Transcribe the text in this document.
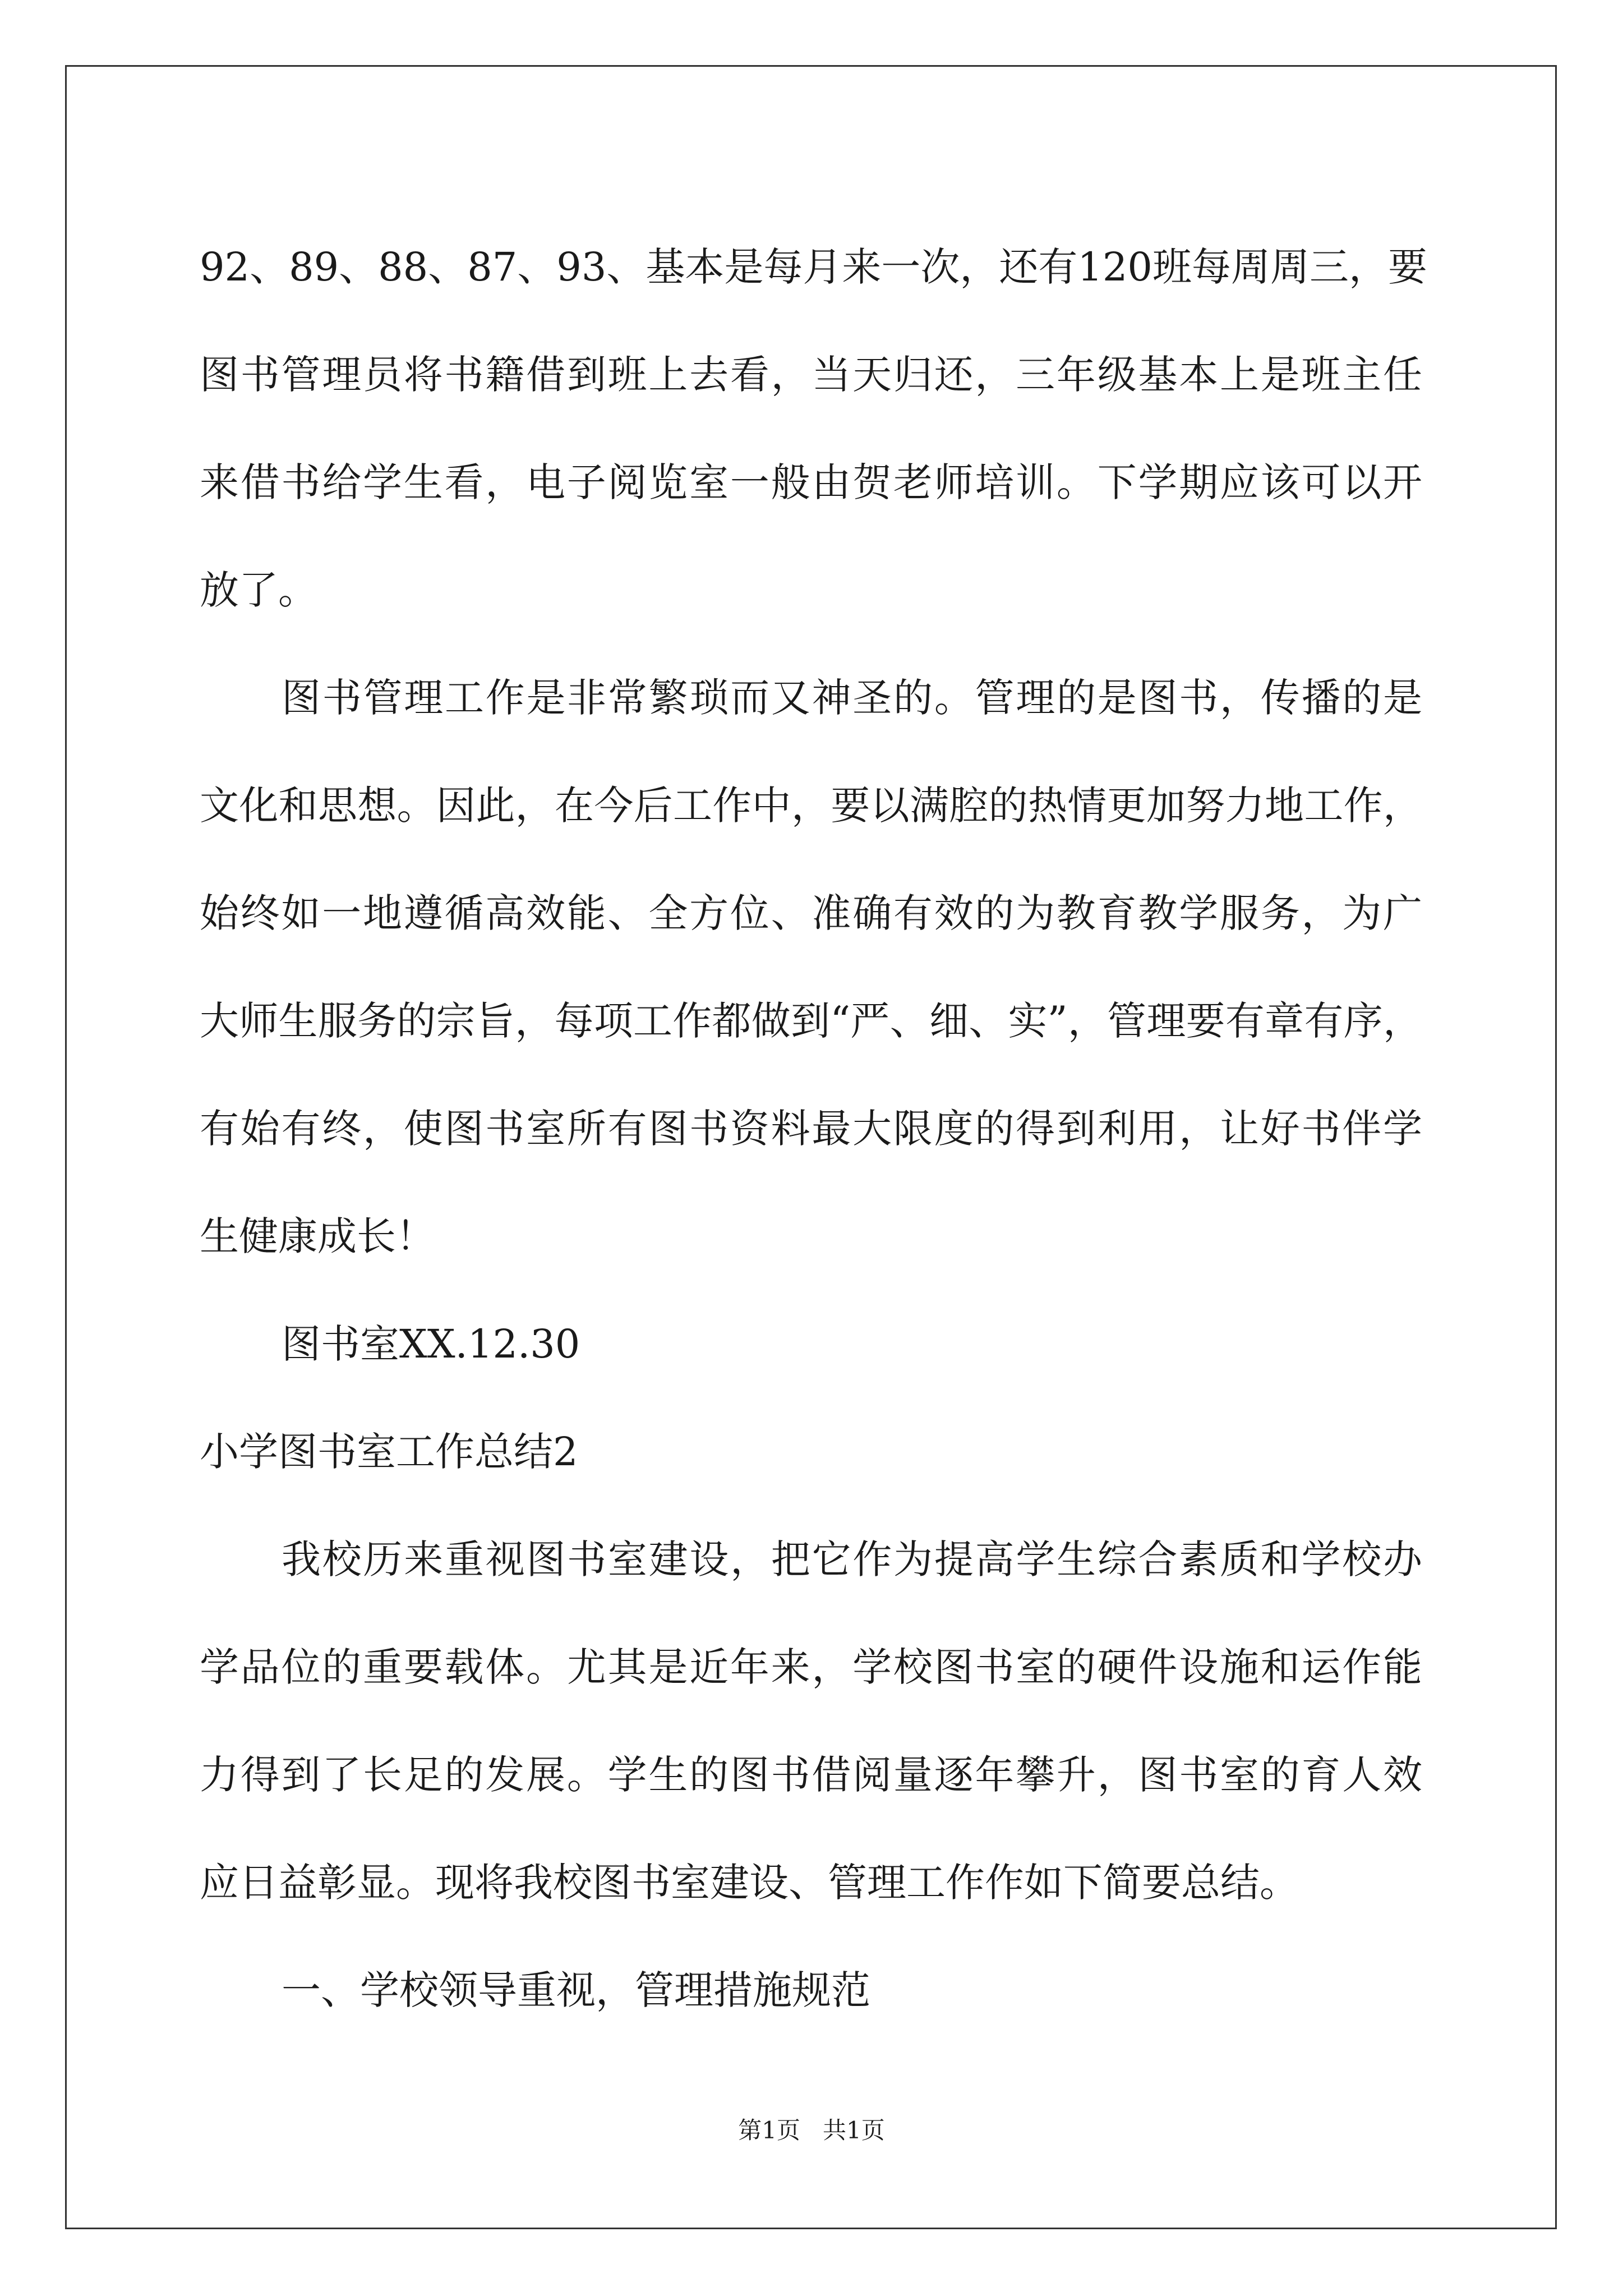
92、89、88、87、93、基本是每月来一次，还有120班每周周三，要

图书管理员将书籍借到班上去看，当天归还，三年级基本上是班主任

来借书给学生看，电子阅览室一般由贺老师培训。下学期应该可以开

放了。

图书管理工作是非常繁琐而又神圣的。管理的是图书，传播的是

文化和思想。因此，在今后工作中，要以满腔的热情更加努力地工作，

始终如一地遵循高效能、全方位、准确有效的为教育教学服务，为广

大师生服务的宗旨，每项工作都做到“严、细、实”，管理要有章有序，

有始有终，使图书室所有图书资料最大限度的得到利用，让好书伴学

生健康成长！

图书室XX.12.30

小学图书室工作总结2

我校历来重视图书室建设，把它作为提高学生综合素质和学校办

学品位的重要载体。尤其是近年来，学校图书室的硬件设施和运作能

力得到了长足的发展。学生的图书借阅量逐年攀升，图书室的育人效

应日益彰显。现将我校图书室建设、管理工作作如下简要总结。

一、学校领导重视，管理措施规范

第1页   共1页
